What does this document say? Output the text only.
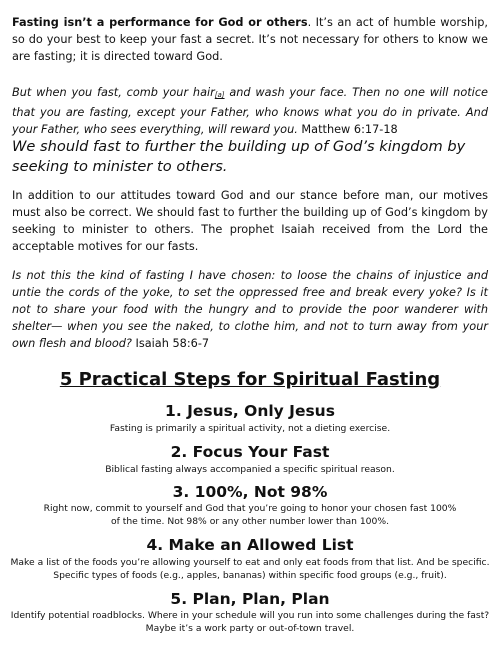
Fasting isn’t a performance for God or others. It’s an act of humble worship, so do your best to keep your fast a secret. It’s not necessary for others to know we are fasting; it is directed toward God.
But when you fast, comb your hair[a] and wash your face. Then no one will notice that you are fasting, except your Father, who knows what you do in private. And your Father, who sees everything, will reward you. Matthew 6:17-18
We should fast to further the building up of God’s kingdom by seeking to minister to others.
In addition to our attitudes toward God and our stance before man, our motives must also be correct. We should fast to further the building up of God’s kingdom by seeking to minister to others. The prophet Isaiah received from the Lord the acceptable motives for our fasts.
Is not this the kind of fasting I have chosen: to loose the chains of injustice and untie the cords of the yoke, to set the oppressed free and break every yoke? Is it not to share your food with the hungry and to provide the poor wanderer with shelter— when you see the naked, to clothe him, and not to turn away from your own flesh and blood? Isaiah 58:6-7
5 Practical Steps for Spiritual Fasting
1. Jesus, Only Jesus
Fasting is primarily a spiritual activity, not a dieting exercise.
2. Focus Your Fast
Biblical fasting always accompanied a specific spiritual reason.
3. 100%, Not 98%
Right now, commit to yourself and God that you’re going to honor your chosen fast 100%
of the time. Not 98% or any other number lower than 100%.
4. Make an Allowed List
Make a list of the foods you’re allowing yourself to eat and only eat foods from that list. And be specific.
Specific types of foods (e.g., apples, bananas) within specific food groups (e.g., fruit).
5. Plan, Plan, Plan
Identify potential roadblocks. Where in your schedule will you run into some challenges during the fast?
Maybe it’s a work party or out-of-town travel.
